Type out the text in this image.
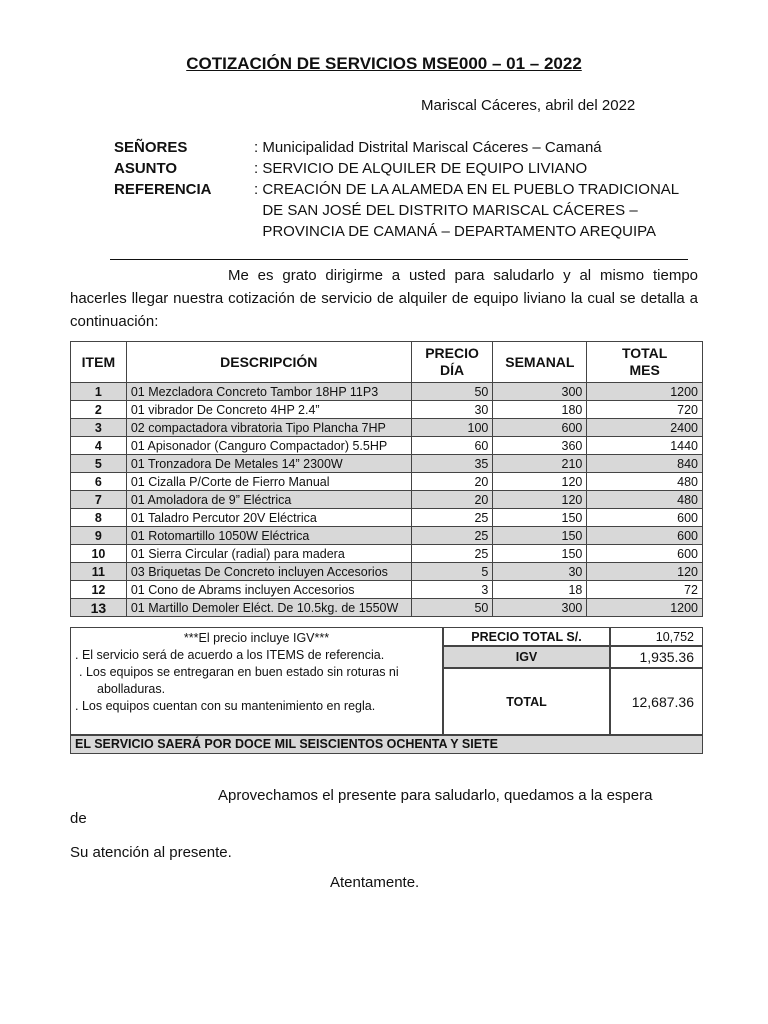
COTIZACIÓN DE SERVICIOS MSE000 – 01 – 2022
Mariscal Cáceres, abril del 2022
SEÑORES	: Municipalidad Distrital Mariscal Cáceres – Camaná
ASUNTO	: SERVICIO DE ALQUILER DE EQUIPO LIVIANO
REFERENCIA	: CREACIÓN DE LA ALAMEDA EN EL PUEBLO TRADICIONAL
DE SAN JOSÉ DEL DISTRITO MARISCAL CÁCERES –
PROVINCIA DE CAMANÁ – DEPARTAMENTO AREQUIPA
Me es grato dirigirme a usted para saludarlo y al mismo tiempo hacerles llegar nuestra cotización de servicio de alquiler de equipo liviano la cual se detalla a continuación:
ITEM	DESCRIPCIÓN	PRECIO DÍA	SEMANAL	TOTAL MES
1	01 Mezcladora Concreto Tambor 18HP 11P3	50	300	1200
2	01 vibrador De Concreto 4HP 2.4”	30	180	720
3	02 compactadora vibratoria Tipo Plancha 7HP	100	600	2400
4	01 Apisonador (Canguro Compactador) 5.5HP	60	360	1440
5	01 Tronzadora De Metales 14” 2300W	35	210	840
6	01 Cizalla P/Corte de Fierro Manual	20	120	480
7	01 Amoladora de 9” Eléctrica	20	120	480
8	01 Taladro Percutor 20V Eléctrica	25	150	600
9	01 Rotomartillo 1050W Eléctrica	25	150	600
10	01 Sierra Circular (radial) para madera	25	150	600
11	03 Briquetas De Concreto incluyen Accesorios	5	30	120
12	01 Cono de Abrams incluyen Accesorios	3	18	72
13	01 Martillo Demoler Eléct. De 10.5kg. de 1550W	50	300	1200
***El precio incluye IGV***
. El servicio será de acuerdo a los ITEMS de referencia.
. Los equipos se entregaran en buen estado sin roturas ni abolladuras.
. Los equipos cuentan con su mantenimiento en regla.
PRECIO TOTAL S/.	10,752
IGV	1,935.36
TOTAL	12,687.36
EL SERVICIO SAERÁ POR DOCE MIL SEISCIENTOS OCHENTA Y SIETE
Aprovechamos el presente para saludarlo, quedamos a la espera
de
Su atención al presente.
Atentamente.
